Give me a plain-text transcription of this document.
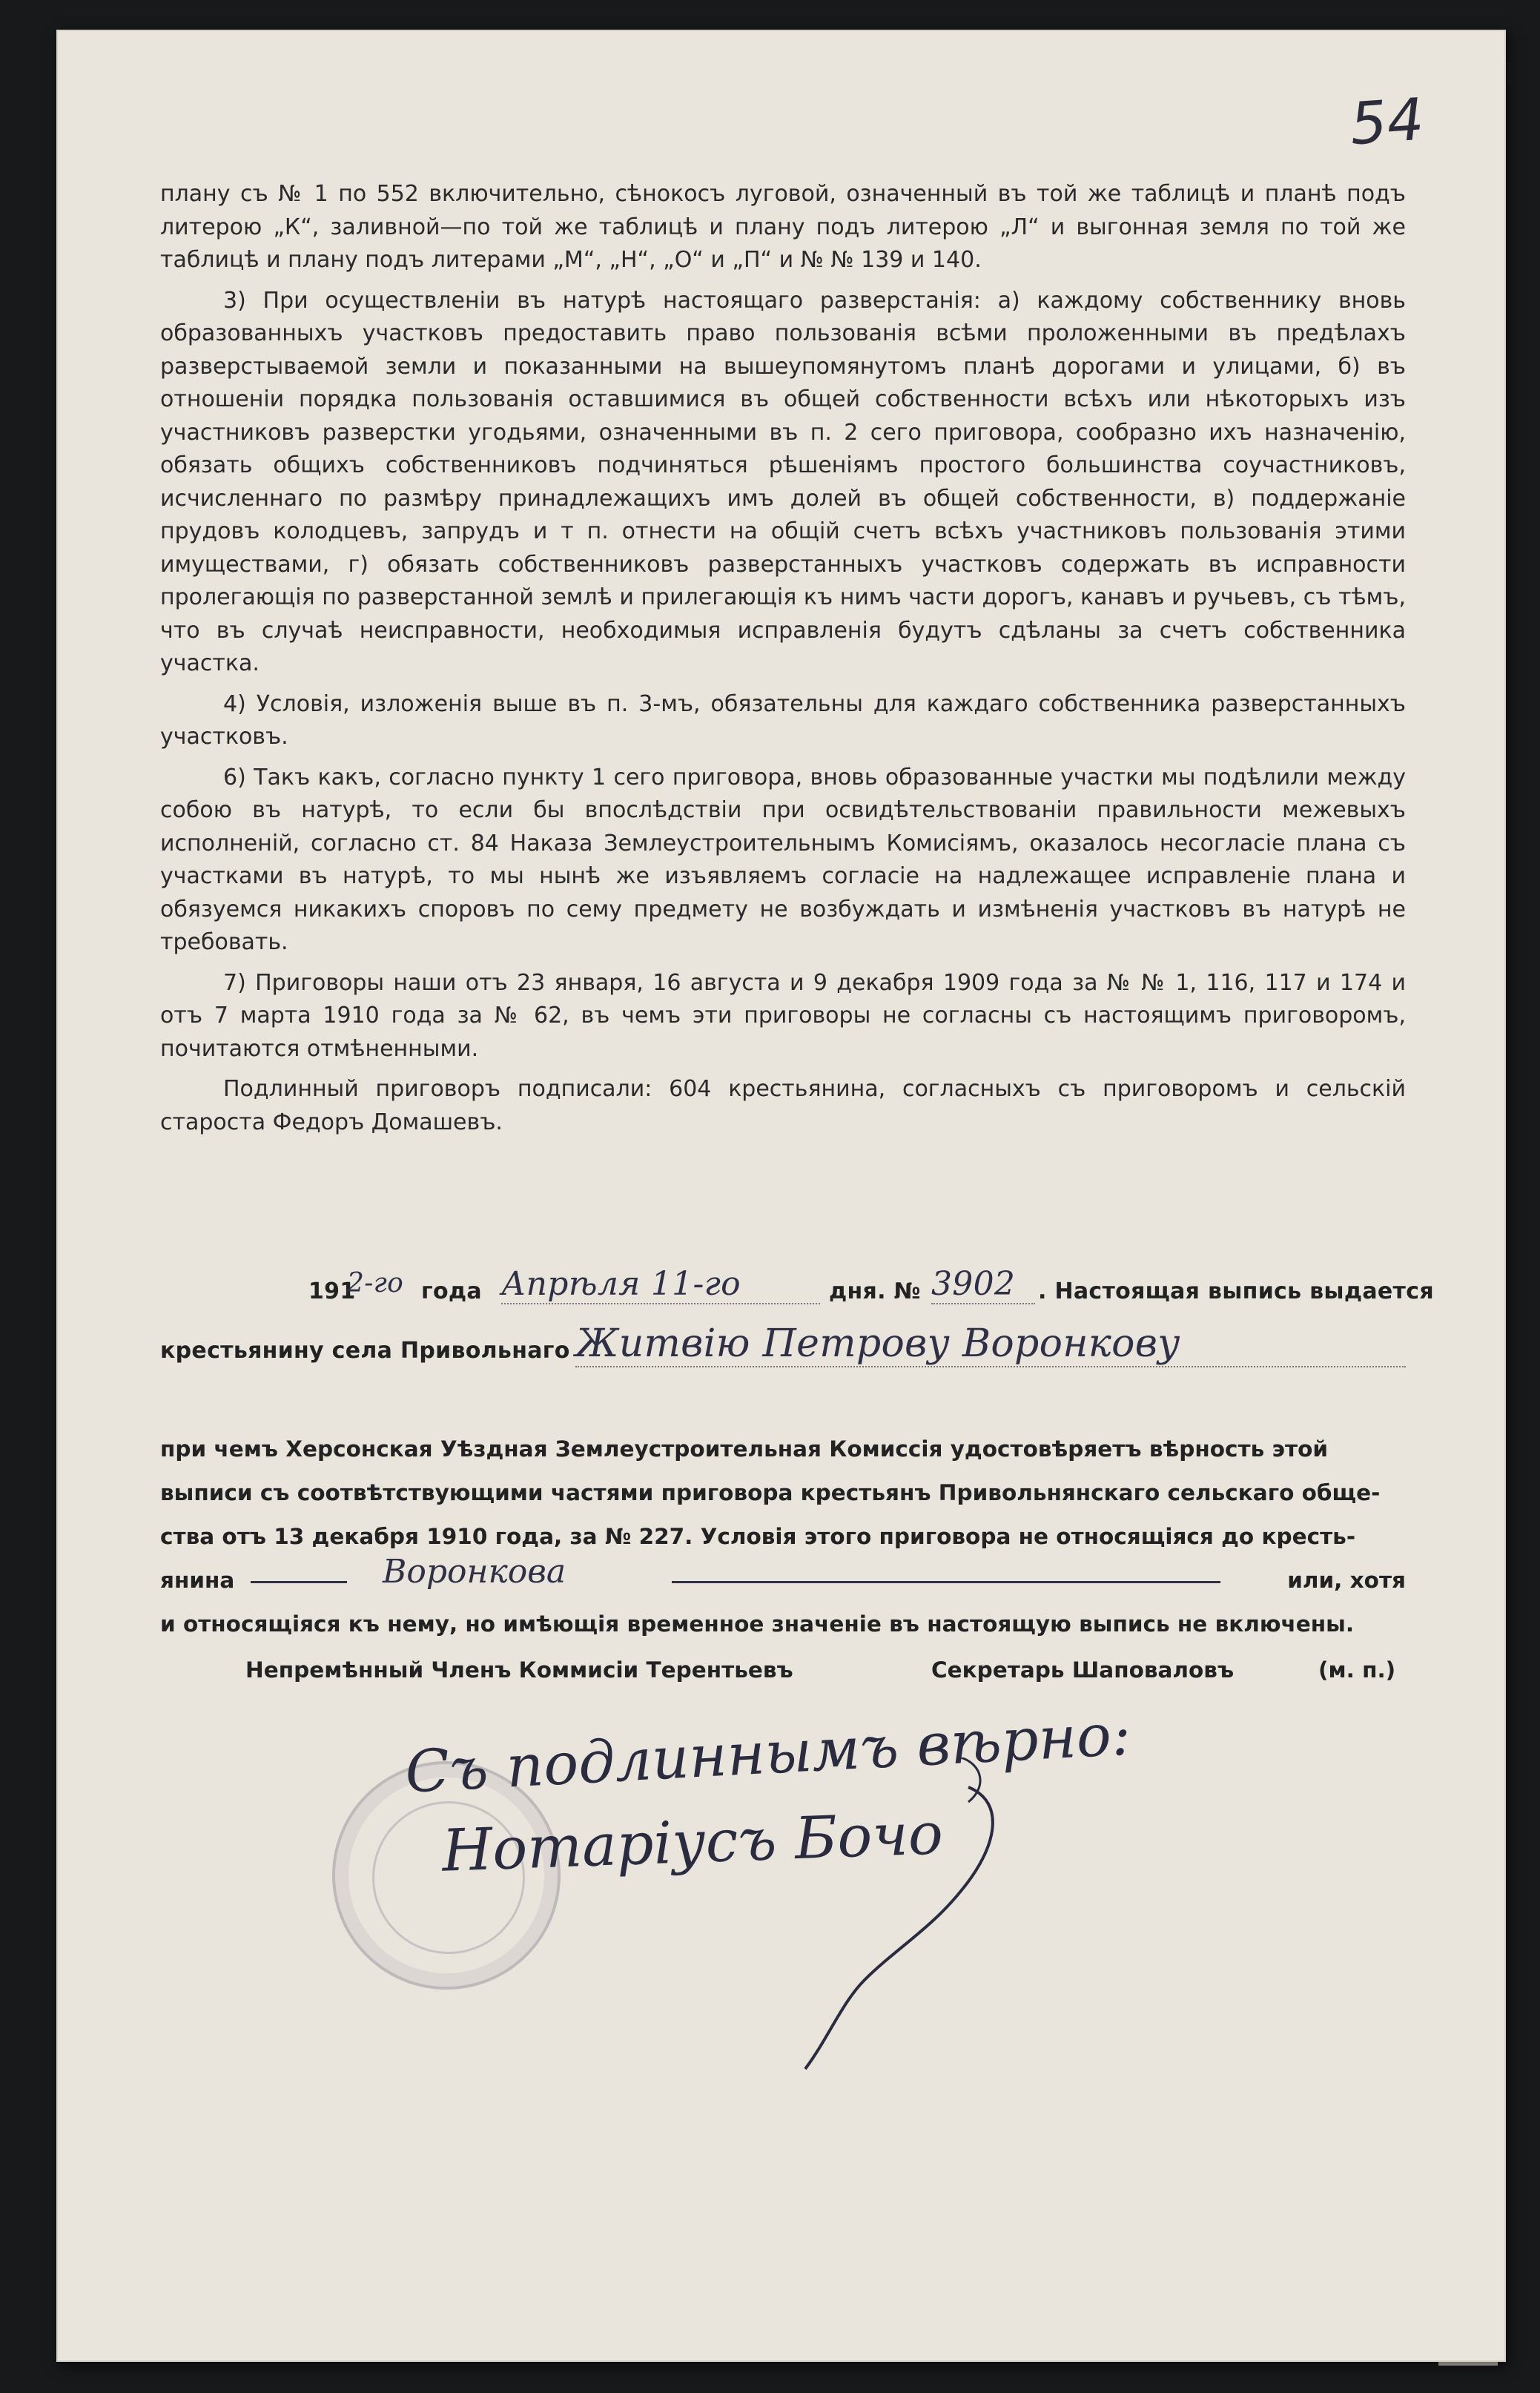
54

плану съ № 1 по 552 включительно, сѣнокосъ луговой, означенный въ той же таблицѣ и планѣ подъ литерою „К“, заливной—по той же таблицѣ и плану подъ литерою „Л“ и выгонная земля по той же таблицѣ и плану подъ литерами „М“, „Н“, „О“ и „П“ и № № 139 и 140.

3) При осуществленіи въ натурѣ настоящаго разверстанія: а) каждому собственнику вновь образованныхъ участковъ предоставить право пользованія всѣми проложенными въ предѣлахъ разверстываемой земли и показанными на вышеупомянутомъ планѣ дорогами и улицами, б) въ отношеніи порядка пользованія оставшимися въ общей собственности всѣхъ или нѣкоторыхъ изъ участниковъ разверстки угодьями, означенными въ п. 2 сего приговора, сообразно ихъ назначенію, обязать общихъ собственниковъ подчиняться рѣшеніямъ простого большинства соучастниковъ, исчисленнаго по размѣру принадлежащихъ имъ долей въ общей собственности, в) поддержаніе прудовъ колодцевъ, запрудъ и т п. отнести на общій счетъ всѣхъ участниковъ пользованія этими имуществами, г) обязать собственниковъ разверстанныхъ участковъ содержать въ исправности пролегающія по разверстанной землѣ и прилегающія къ нимъ части дорогъ, канавъ и ручьевъ, съ тѣмъ, что въ случаѣ неисправности, необходимыя исправленія будутъ сдѣланы за счетъ собственника участка.

4) Условія, изложенія выше въ п. 3-мъ, обязательны для каждаго собственника разверстанныхъ участковъ.

6) Такъ какъ, согласно пункту 1 сего приговора, вновь образованные участки мы подѣлили между собою въ натурѣ, то если бы впослѣдствіи при освидѣтельствованіи правильности межевыхъ исполненій, согласно ст. 84 Наказа Землеустроительнымъ Комисіямъ, оказалось несогласіе плана съ участками въ натурѣ, то мы нынѣ же изъявляемъ согласіе на надлежащее исправленіе плана и обязуемся никакихъ споровъ по сему предмету не возбуждать и измѣненія участковъ въ натурѣ не требовать.

7) Приговоры наши отъ 23 января, 16 августа и 9 декабря 1909 года за № № 1, 116, 117 и 174 и отъ 7 марта 1910 года за № 62, въ чемъ эти приговоры не согласны съ настоящимъ приговоромъ, почитаются отмѣненными.

Подлинный приговоръ подписали: 604 крестьянина, согласныхъ съ приговоромъ и сельскій староста Федоръ Домашевъ.

191
2-го года Апрѣля 11-го	дня. № 3902	. Настоящая выпись выдается
крестьянину села Привольнаго Житвію Петрову Воронкову
при чемъ Херсонская Уѣздная Землеустроительная Комиссія удостовѣряетъ вѣрность этой
выписи съ соотвѣтствующими частями приговора крестьянъ Привольнянскаго сельскаго обще-
ства отъ 13 декабря 1910 года, за № 227. Условія этого приговора не относящіяся до кресть-
янина	Воронкова	или, хотя
и относящіяся къ нему, но имѣющія временное значеніе въ настоящую выпись не включены.
Непремѣнный Членъ Коммисіи Терентьевъ	Секретарь Шаповаловъ	(м. п.)
Съ подлиннымъ вѣрно:
Нотаріусъ Бочо
